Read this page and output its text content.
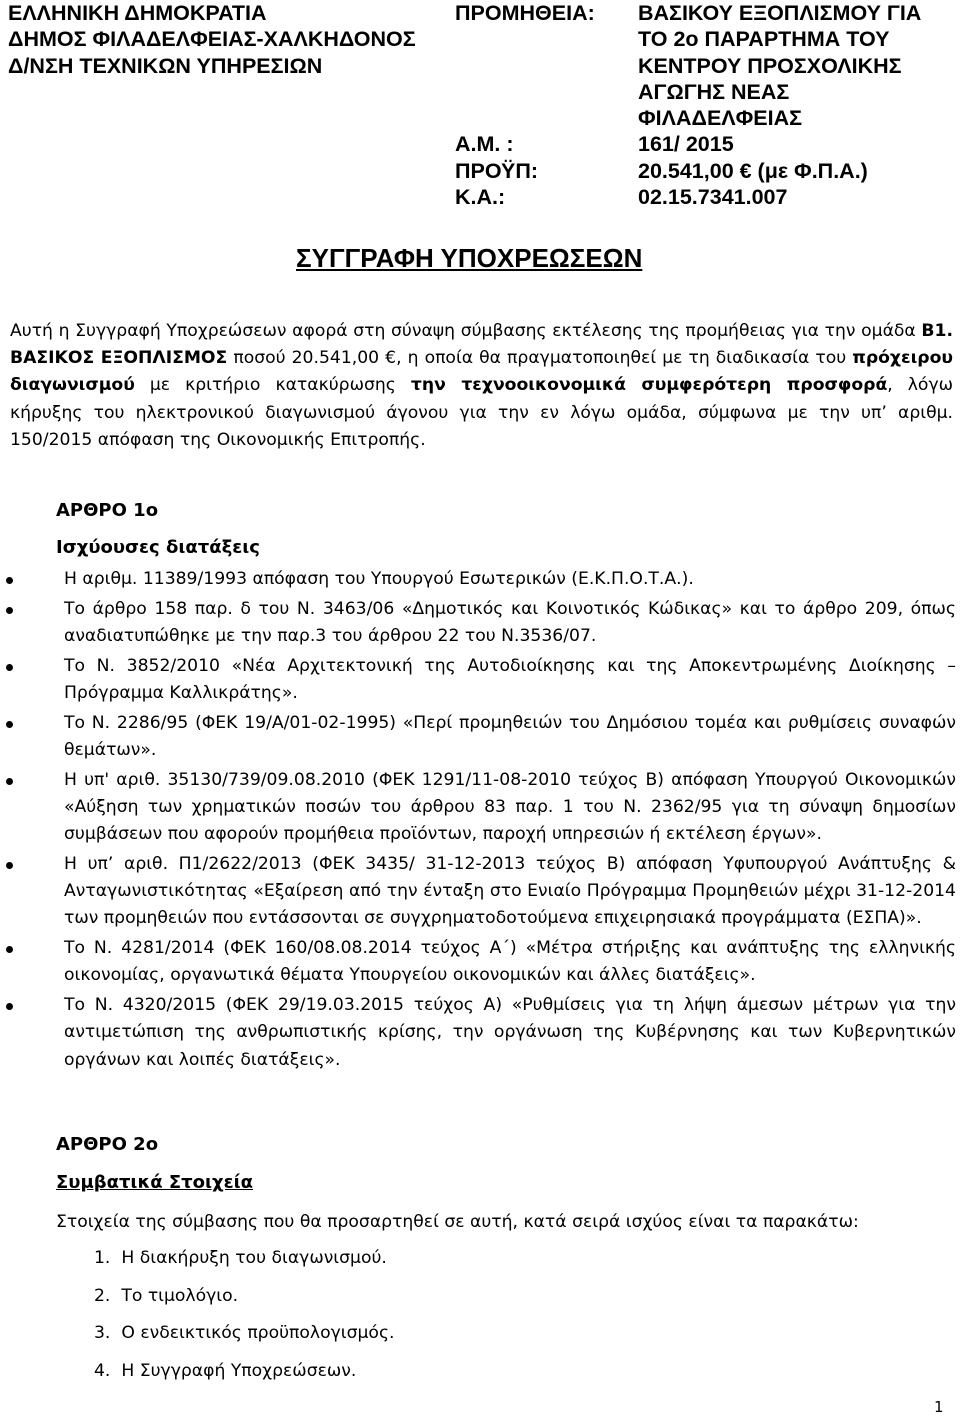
ΕΛΛΗΝΙΚΗ ΔΗΜΟΚΡΑΤΙΑ
ΔΗΜΟΣ ΦΙΛΑΔΕΛΦΕΙΑΣ-ΧΑΛΚΗΔΟΝΟΣ
Δ/ΝΣΗ ΤΕΧΝΙΚΩΝ ΥΠΗΡΕΣΙΩΝ
ΠΡΟΜΗΘΕΙΑ:

Α.Μ. :
ΠΡΟΫΠ:
Κ.Α.:
ΒΑΣΙΚΟΥ ΕΞΟΠΛΙΣΜΟΥ ΓΙΑ
ΤΟ 2ο ΠΑΡΑΡΤΗΜΑ ΤΟΥ
ΚΕΝΤΡΟΥ ΠΡΟΣΧΟΛΙΚΗΣ
ΑΓΩΓΗΣ ΝΕΑΣ
ΦΙΛΑΔΕΛΦΕΙΑΣ
161/ 2015
20.541,00 € (με Φ.Π.Α.)
02.15.7341.007
ΣΥΓΓΡΑΦΗ ΥΠΟΧΡΕΩΣΕΩΝ
Αυτή η Συγγραφή Υποχρεώσεων αφορά στη σύναψη σύμβασης εκτέλεσης της προμήθειας για την ομάδα Β1. ΒΑΣΙΚΟΣ ΕΞΟΠΛΙΣΜΟΣ ποσού 20.541,00 €, η οποία θα πραγματοποιηθεί με τη διαδικασία του πρόχειρου διαγωνισμού με κριτήριο κατακύρωσης την τεχνοοικονομικά συμφερότερη προσφορά, λόγω κήρυξης του ηλεκτρονικού διαγωνισμού άγονου για την εν λόγω ομάδα, σύμφωνα με την υπ’ αριθμ. 150/2015 απόφαση της Οικονομικής Επιτροπής.
ΑΡΘΡΟ 1ο
Ισχύουσες διατάξεις
Η αριθμ. 11389/1993 απόφαση του Υπουργού Εσωτερικών (Ε.Κ.Π.Ο.Τ.Α.).
Το άρθρο 158 παρ. δ του Ν. 3463/06 «Δημοτικός και Κοινοτικός Κώδικας» και το άρθρο 209, όπως αναδιατυπώθηκε με την παρ.3 του άρθρου 22 του Ν.3536/07.
Το Ν. 3852/2010 «Νέα Αρχιτεκτονική της Αυτοδιοίκησης και της Αποκεντρωμένης Διοίκησης – Πρόγραμμα Καλλικράτης».
Το Ν. 2286/95 (ΦΕΚ 19/Α/01-02-1995) «Περί προμηθειών του Δημόσιου τομέα και ρυθμίσεις συναφών θεμάτων».
Η υπ' αριθ. 35130/739/09.08.2010 (ΦΕΚ 1291/11-08-2010 τεύχος Β) απόφαση Υπουργού Οικονομικών «Αύξηση των χρηματικών ποσών του άρθρου 83 παρ. 1 του Ν. 2362/95 για τη σύναψη δημοσίων συμβάσεων που αφορούν προμήθεια προϊόντων, παροχή υπηρεσιών ή εκτέλεση έργων».
Η υπ’ αριθ. Π1/2622/2013 (ΦΕΚ 3435/ 31-12-2013 τεύχος Β) απόφαση Υφυπουργού Ανάπτυξης & Ανταγωνιστικότητας «Εξαίρεση από την ένταξη στο Ενιαίο Πρόγραμμα Προμηθειών μέχρι 31-12-2014 των προμηθειών που εντάσσονται σε συγχρηματοδοτούμενα επιχειρησιακά προγράμματα (ΕΣΠΑ)».
Το Ν. 4281/2014 (ΦΕΚ 160/08.08.2014 τεύχος Α΄) «Μέτρα στήριξης και ανάπτυξης της ελληνικής οικονομίας, οργανωτικά θέματα Υπουργείου οικονομικών και άλλες διατάξεις».
Το Ν. 4320/2015 (ΦΕΚ 29/19.03.2015 τεύχος Α) «Ρυθμίσεις για τη λήψη άμεσων μέτρων για την αντιμετώπιση της ανθρωπιστικής κρίσης, την οργάνωση της Κυβέρνησης και των Κυβερνητικών οργάνων και λοιπές διατάξεις».
ΑΡΘΡΟ 2ο
Συμβατικά Στοιχεία
Στοιχεία της σύμβασης που θα προσαρτηθεί σε αυτή, κατά σειρά ισχύος είναι τα παρακάτω:
1. Η διακήρυξη του διαγωνισμού.
2. Το τιμολόγιο.
3. Ο ενδεικτικός προϋπολογισμός.
4. Η Συγγραφή Υποχρεώσεων.
1
